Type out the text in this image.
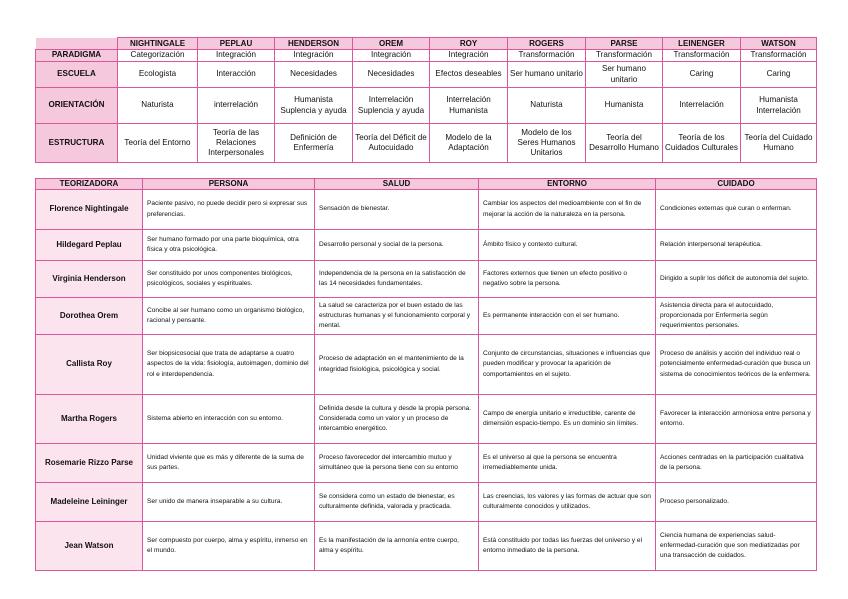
	NIGHTINGALE	PEPLAU	HENDERSON	OREM	ROY	ROGERS	PARSE	LEINENGER	WATSON
PARADIGMA	Categorización	Integración	Integración	Integración	Integración	Transformación	Transformación	Transformación	Transformación
ESCUELA	Ecologista	Interacción	Necesidades	Necesidades	Efectos deseables	Ser humano unitario	Ser humano unitario	Caring	Caring
ORIENTACIÓN	Naturista	interrelación	Humanista Suplencia y ayuda	Interrelación Suplencia y ayuda	Interrelación Humanista	Naturista	Humanista	Interrelación	Humanista Interrelación
ESTRUCTURA	Teoría del Entorno	Teoría de las Relaciones Interpersonales	Definición de Enfermería	Teoría del Déficit de Autocuidado	Modelo de la Adaptación	Modelo de los Seres Humanos Unitarios	Teoría del Desarrollo Humano	Teoría de los Cuidados Culturales	Teoría del Cuidado Humano
TEORIZADORA	PERSONA	SALUD	ENTORNO	CUIDADO
Florence Nightingale	Paciente pasivo, no puede decidir pero si expresar sus preferencias.	Sensación de bienestar.	Cambiar los aspectos del medioambiente con el fin de mejorar la acción de la naturaleza en la persona.	Condiciones externas que curan o enferman.
Hildegard Peplau	Ser humano formado por una parte bioquímica, otra física y otra psicológica.	Desarrollo personal y social de la persona.	Ámbito físico y contexto cultural.	Relación interpersonal terapéutica.
Virginia Henderson	Ser constituido por unos componentes biológicos, psicológicos, sociales y espirituales.	Independencia de la persona en la satisfacción de las 14 necesidades fundamentales.	Factores externos que tienen un efecto positivo o negativo sobre la persona.	Dirigido a suplir los déficit de autonomía del sujeto.
Dorothea Orem	Concibe al ser humano como un organismo biológico, racional y pensante.	La salud se caracteriza por el buen estado de las estructuras humanas y el funcionamiento corporal y mental.	Es permanente interacción con el ser humano.	Asistencia directa para el autocuidado, proporcionada por Enfermería según requerimientos personales.
Callista Roy	Ser biopsicosocial que trata de adaptarse a cuatro aspectos de la vida: fisiología, autoimagen, dominio del rol e interdependencia.	Proceso de adaptación en el mantenimiento de la integridad fisiológica, psicológica y social.	Conjunto de circunstancias, situaciones e influencias que pueden modificar y provocar la aparición de comportamientos en el sujeto.	Proceso de análisis y acción del individuo real o potencialmente enfermedad-curación que busca un sistema de conocimientos teóricos de la enfermera.
Martha Rogers	Sistema abierto en interacción con su entorno.	Definida desde la cultura y desde la propia persona. Considerada como un valor y un proceso de intercambio energético.	Campo de energía unitario e irreductible, carente de dimensión espacio-tiempo. Es un dominio sin límites.	Favorecer la interacción armoniosa entre persona y entorno.
Rosemarie Rizzo Parse	Unidad viviente que es más y diferente de la suma de sus partes.	Proceso favorecedor del intercambio mutuo y simultáneo que la persona tiene con su entorno	Es el universo al que la persona se encuentra irremediablemente unida.	Acciones centradas en la participación cualitativa de la persona.
Madeleine Leininger	Ser unido de manera inseparable a su cultura.	Se considera como un estado de bienestar, es culturalmente definida, valorada y practicada.	Las creencias, los valores y las formas de actuar que son culturalmente conocidos y utilizados.	Proceso personalizado.
Jean Watson	Ser compuesto por cuerpo, alma y espíritu, inmerso en el mundo.	Es la manifestación de la armonía entre cuerpo, alma y espíritu.	Está constituido por todas las fuerzas del universo y el entorno inmediato de la persona.	Ciencia humana de experiencias salud-enfermedad-curación que son mediatizadas por una transacción de cuidados.
